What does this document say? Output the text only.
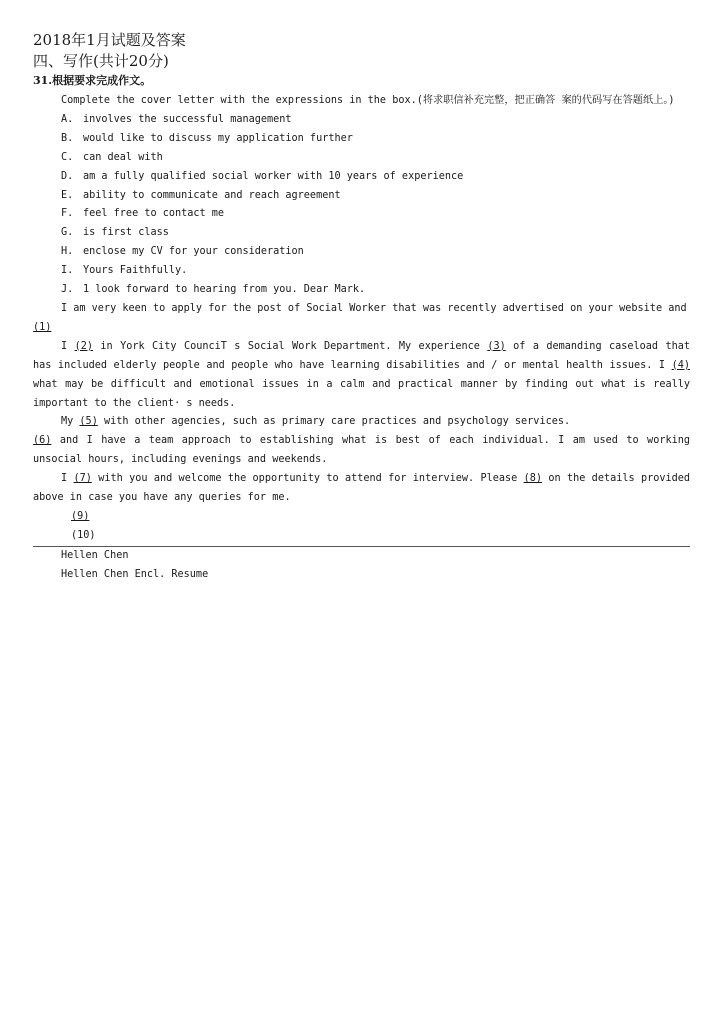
2018年1月试题及答案

四、写作(共计20分)

31.根据要求完成作文。

Complete the cover letter with the expressions in the box.(将求职信补充完整，把正确答 案的代码写在答题纸上。)

A. involves the successful management
B. would like to discuss my application further
C. can deal with
D. am a fully qualified social worker with 10 years of experience
E. ability to communicate and reach agreement
F. feel free to contact me
G. is first class
H. enclose my CV for your consideration
I. Yours Faithfully.
J. 1 look forward to hearing from you. Dear Mark.

I am very keen to apply for the post of Social Worker that was recently advertised on your website and
(1)

I (2) in York City CounciT s Social Work Department. My experience (3) of a demanding caseload that has included elderly people and people who have learning disabilities and / or mental health issues. I (4) what may be difficult and emotional issues in a calm and practical manner by finding out what is really important to the client· s needs.

My (5) with other agencies, such as primary care practices and psychology services.

(6) and I have a team approach to establishing what is best of each individual. I am used to working unsocial hours, including evenings and weekends.

I (7) with you and welcome the opportunity to attend for interview. Please (8) on the details provided above in case you have any queries for me.

(9)

(10)

Hellen Chen

Hellen Chen Encl. Resume
